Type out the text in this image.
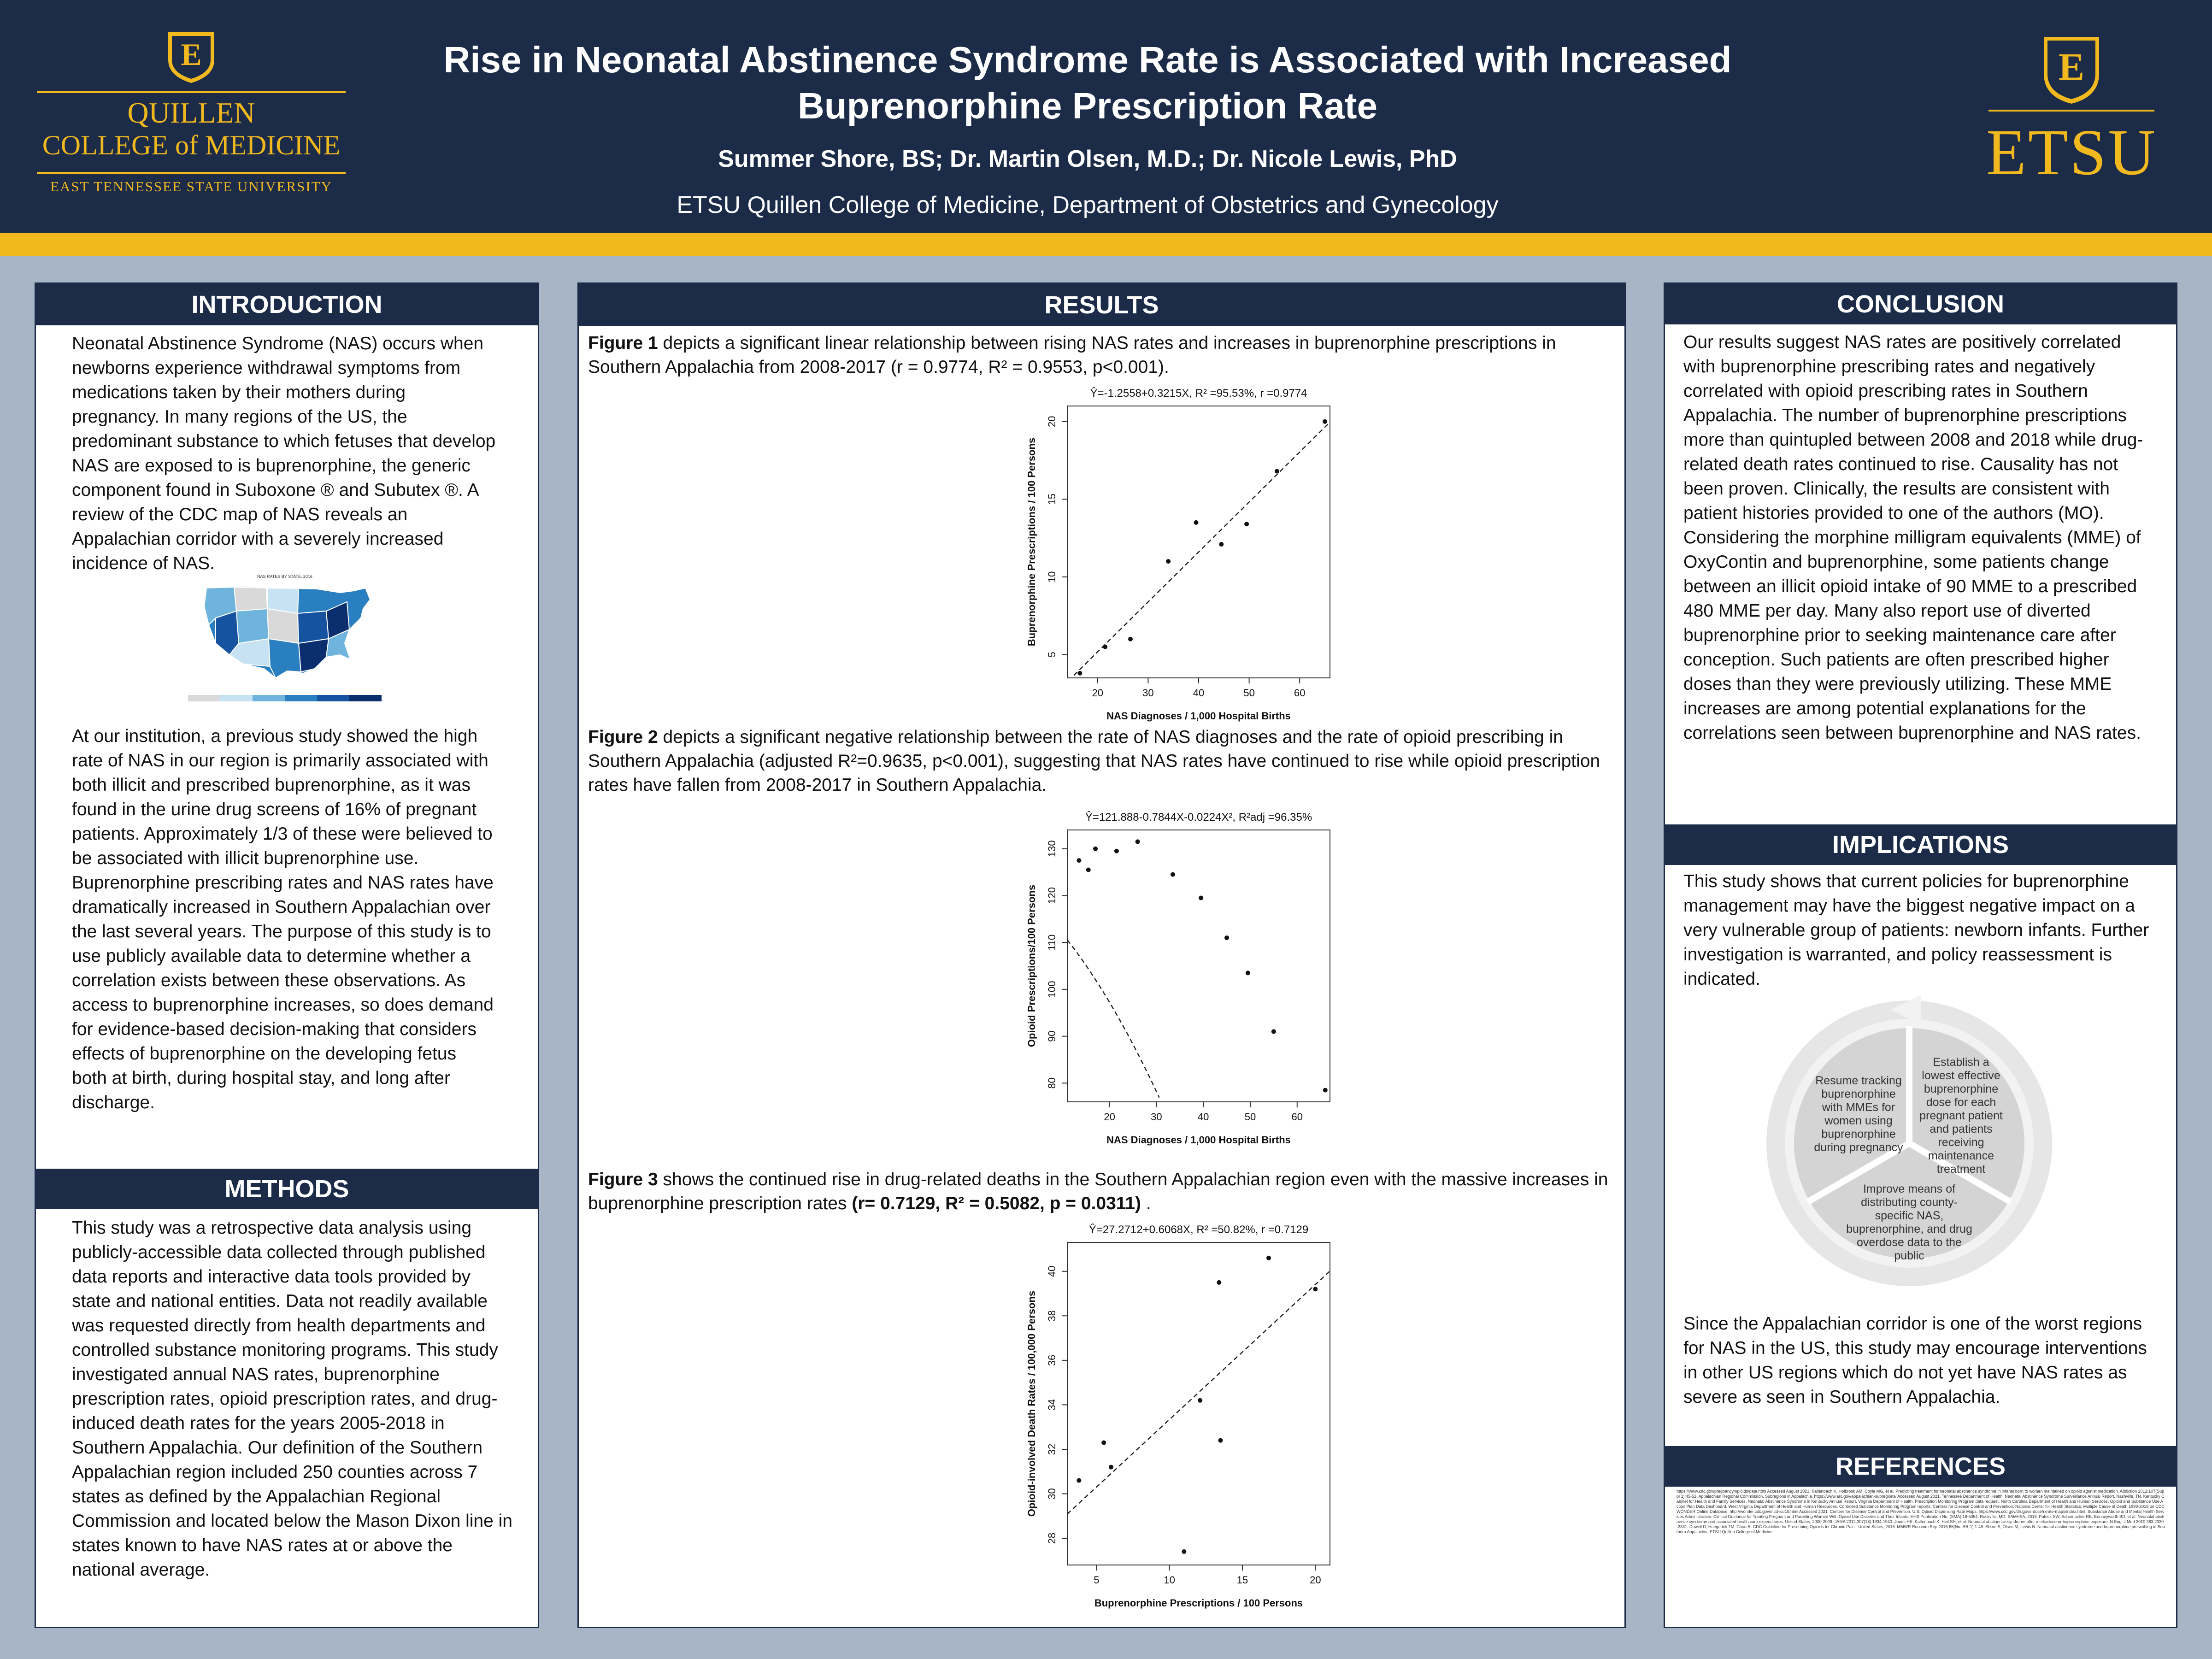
E
QUILLEN
COLLEGE of MEDICINE
EAST TENNESSEE STATE UNIVERSITY
Rise in Neonatal Abstinence Syndrome Rate is Associated with Increased
Buprenorphine Prescription Rate
Summer Shore, BS; Dr. Martin Olsen, M.D.; Dr. Nicole Lewis, PhD
ETSU Quillen College of Medicine, Department of Obstetrics and Gynecology
E
ETSU
INTRODUCTION
Neonatal Abstinence Syndrome (NAS) occurs when newborns experience withdrawal symptoms from medications taken by their mothers during pregnancy. In many regions of the US, the predominant substance to which fetuses that develop NAS are exposed to is buprenorphine, the generic component found in Suboxone ® and Subutex ®. A review of the CDC map of NAS reveals an Appalachian corridor with a severely increased incidence of NAS.
NAS RATES BY STATE, 2016
At our institution, a previous study showed the high rate of NAS in our region is primarily associated with both illicit and prescribed buprenorphine, as it was found in the urine drug screens of 16% of pregnant patients. Approximately 1/3 of these were believed to be associated with illicit buprenorphine use. Buprenorphine prescribing rates and NAS rates have dramatically increased in Southern Appalachian over the last several years. The purpose of this study is to use publicly available data to determine whether a correlation exists between these observations. As access to buprenorphine increases, so does demand for evidence-based decision-making that considers effects of buprenorphine on the developing fetus both at birth, during hospital stay, and long after discharge.
METHODS
This study was a retrospective data analysis using publicly-accessible data collected through published data reports and interactive data tools provided by state and national entities. Data not readily available was requested directly from health departments and controlled substance monitoring programs. This study investigated annual NAS rates, buprenorphine prescription rates, opioid prescription rates, and drug-induced death rates for the years 2005-2018 in Southern Appalachia. Our definition of the Southern Appalachian region included 250 counties across 7 states as defined by the Appalachian Regional Commission and located below the Mason Dixon line in states known to have NAS rates at or above the national average.
RESULTS
Figure 1 depicts a significant linear relationship between rising NAS rates and increases in buprenorphine prescriptions in Southern Appalachia from 2008-2017 (r = 0.9774, R² = 0.9553, p<0.001).
Ŷ=-1.2558+0.3215X, R² =95.53%, r =0.9774
20	30	40	50	60
5
10
15
20
NAS Diagnoses / 1,000 Hospital Births
Buprenorphine Prescriptions / 100 Persons
Figure 2 depicts a significant negative relationship between the rate of NAS diagnoses and the rate of opioid prescribing in Southern Appalachia (adjusted R²=0.9635, p<0.001), suggesting that NAS rates have continued to rise while opioid prescription rates have fallen from 2008-2017 in Southern Appalachia.
Ŷ=121.888-0.7844X-0.0224X², R²adj =96.35%
20	30	40	50	60
80
90
100
110
120
130
NAS Diagnoses / 1,000 Hospital Births
Opioid Prescriptions/100 Persons
Figure 3 shows the continued rise in drug-related deaths in the Southern Appalachian region even with the massive increases in buprenorphine prescription rates (r= 0.7129, R² = 0.5082, p = 0.0311) .
Ŷ=27.2712+0.6068X, R² =50.82%, r =0.7129
5	10	15	20
28
30
32
34
36
38
40
Buprenorphine Prescriptions / 100 Persons
Opioid-involved Death Rates / 100,000 Persons
CONCLUSION
Our results suggest NAS rates are positively correlated with buprenorphine prescribing rates and negatively correlated with opioid prescribing rates in Southern Appalachia. The number of buprenorphine prescriptions more than quintupled between 2008 and 2018 while drug-related death rates continued to rise. Causality has not been proven. Clinically, the results are consistent with patient histories provided to one of the authors (MO). Considering the morphine milligram equivalents (MME) of OxyContin and buprenorphine, some patients change between an illicit opioid intake of 90 MME to a prescribed 480 MME per day. Many also report use of diverted buprenorphine prior to seeking maintenance care after conception. Such patients are often prescribed higher doses than they were previously utilizing. These MME increases are among potential explanations for the correlations seen between buprenorphine and NAS rates.
IMPLICATIONS
This study shows that current policies for buprenorphine management may have the biggest negative impact on a very vulnerable group of patients: newborn infants. Further investigation is warranted, and policy reassessment is indicated.
Resume tracking buprenorphine with MMEs for women using buprenorphine during pregnancy
Establish a lowest effective buprenorphine dose for each pregnant patient and patients receiving maintenance treatment
Improve means of distributing county-specific NAS, buprenorphine, and drug overdose data to the public
Since the Appalachian corridor is one of the worst regions for NAS in the US, this study may encourage interventions in other US regions which do not yet have NAS rates as severe as seen in Southern Appalachia.
REFERENCES
https://www.cdc.gov/pregnancy/opioids/data.html Accessed August 2021. Kaltenbach K, Holbrook AM, Coyle MG, et al. Predicting treatment for neonatal abstinence syndrome in infants born to women maintained on opioid agonist medication. Addiction 2012;107(Suppl 1):45-52. Appalachian Regional Commission. Subregions in Appalachia. https://www.arc.gov/appalachian-subregions/ Accessed August 2021. Tennessee Department of Health. Neonatal Abstinence Syndrome Surveillance Annual Report. Nashville, TN. Kentucky Cabinet for Health and Family Services. Neonatal Abstinence Syndrome in Kentucky Annual Report. Virginia Department of Health. Prescription Monitoring Program data request. North Carolina Department of Health and Human Services. Opioid and Substance Use Action Plan Data Dashboard. West Virginia Department of Health and Human Resources. Controlled Substance Monitoring Program reports. Centers for Disease Control and Prevention, National Center for Health Statistics. Multiple Cause of Death 1999-2018 on CDC WONDER Online Database. http://wonder.cdc.gov/mcd-icd10.html Accessed 2021. Centers for Disease Control and Prevention. U.S. Opioid Dispensing Rate Maps. https://www.cdc.gov/drugoverdose/rxrate-maps/index.html. Substance Abuse and Mental Health Services Administration. Clinical Guidance for Treating Pregnant and Parenting Women With Opioid Use Disorder and Their Infants. HHS Publication No. (SMA) 18-5054. Rockville, MD: SAMHSA, 2018. Patrick SW, Schumacher RE, Benneyworth BD, et al. Neonatal abstinence syndrome and associated health care expenditures: United States, 2000-2009. JAMA 2012;307(18):1934-1940. Jones HE, Kaltenbach K, Heil SH, et al. Neonatal abstinence syndrome after methadone or buprenorphine exposure. N Engl J Med 2010;363:2320-2331. Dowell D, Haegerich TM, Chou R. CDC Guideline for Prescribing Opioids for Chronic Pain - United States, 2016. MMWR Recomm Rep 2016;65(No. RR-1):1-49. Shore S, Olsen M, Lewis N. Neonatal abstinence syndrome and buprenorphine prescribing in Southern Appalachia. ETSU Quillen College of Medicine.
